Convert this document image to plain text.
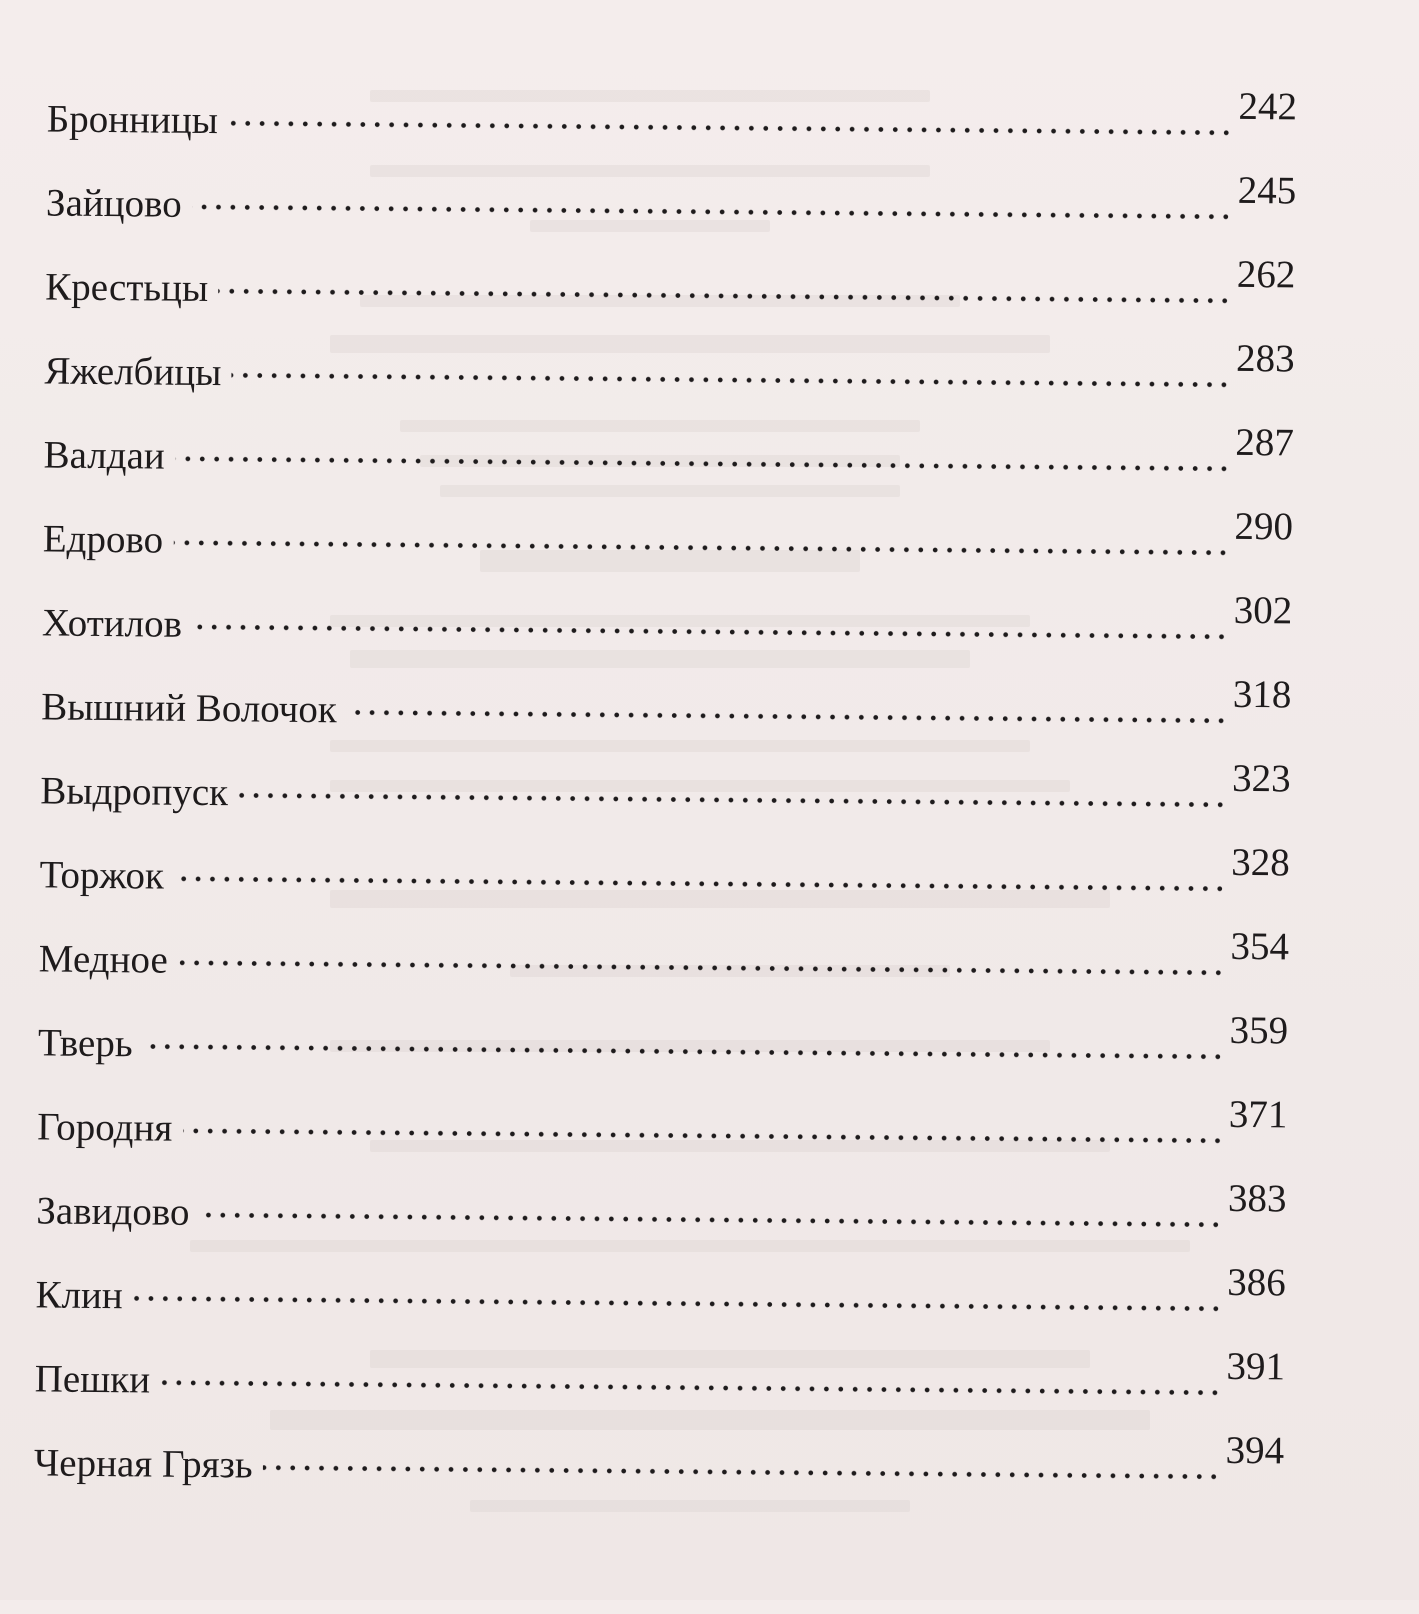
Бронницы	242
Зайцово	245
Крестьцы	262
Яжелбицы	283
Валдаи	287
Едрово	290
Хотилов	302
Вышний Волочок	318
Выдропуск	323
Торжок	328
Медное	354
Тверь	359
Городня	371
Завидово	383
Клин	386
Пешки	391
Черная Грязь	394
